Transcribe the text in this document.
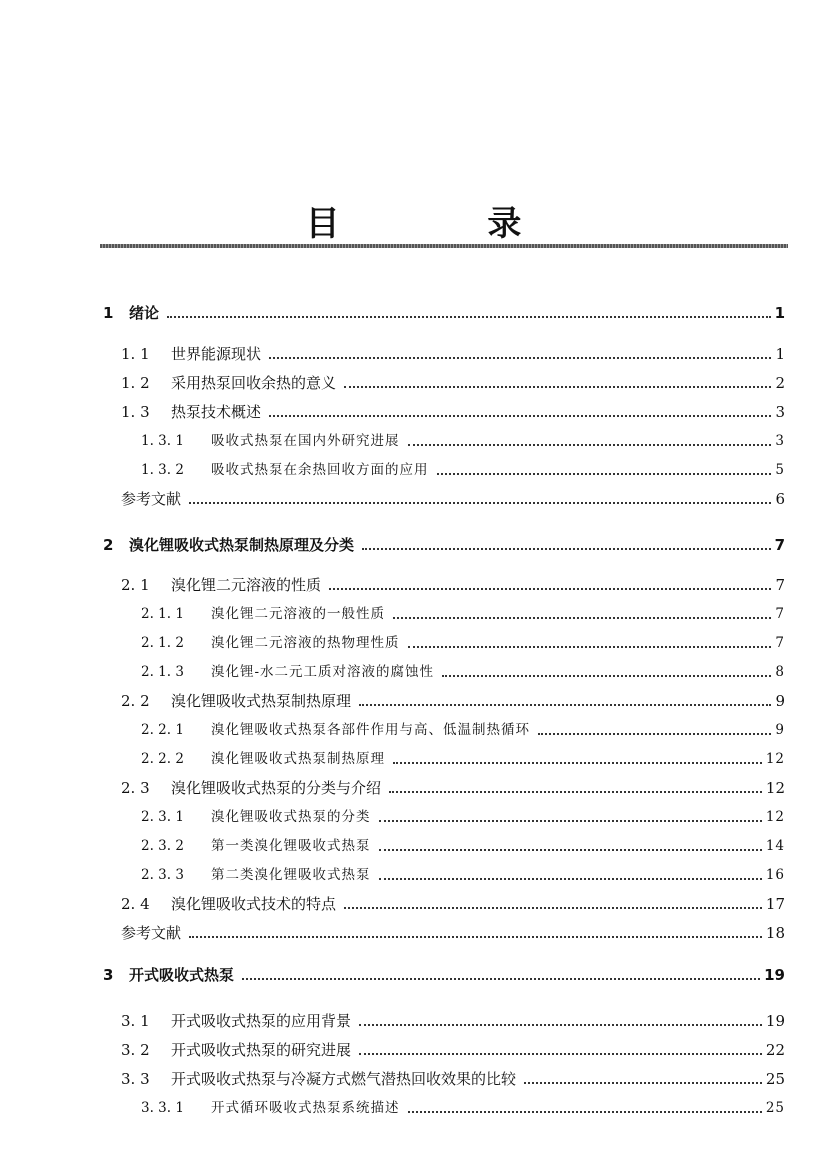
目 录
1	绪论	1
1. 1	世界能源现状	1
1. 2	采用热泵回收余热的意义	2
1. 3	热泵技术概述	3
1. 3. 1	吸收式热泵在国内外研究进展	3
1. 3. 2	吸收式热泵在余热回收方面的应用	5
参考文献	6
2	溴化锂吸收式热泵制热原理及分类	7
2. 1	溴化锂二元溶液的性质	7
2. 1. 1	溴化锂二元溶液的一般性质	7
2. 1. 2	溴化锂二元溶液的热物理性质	7
2. 1. 3	溴化锂-水二元工质对溶液的腐蚀性	8
2. 2	溴化锂吸收式热泵制热原理	9
2. 2. 1	溴化锂吸收式热泵各部件作用与高、低温制热循环	9
2. 2. 2	溴化锂吸收式热泵制热原理	12
2. 3	溴化锂吸收式热泵的分类与介绍	12
2. 3. 1	溴化锂吸收式热泵的分类	12
2. 3. 2	第一类溴化锂吸收式热泵	14
2. 3. 3	第二类溴化锂吸收式热泵	16
2. 4	溴化锂吸收式技术的特点	17
参考文献	18
3	开式吸收式热泵	19
3. 1	开式吸收式热泵的应用背景	19
3. 2	开式吸收式热泵的研究进展	22
3. 3	开式吸收式热泵与冷凝方式燃气潜热回收效果的比较	25
3. 3. 1	开式循环吸收式热泵系统描述	25
